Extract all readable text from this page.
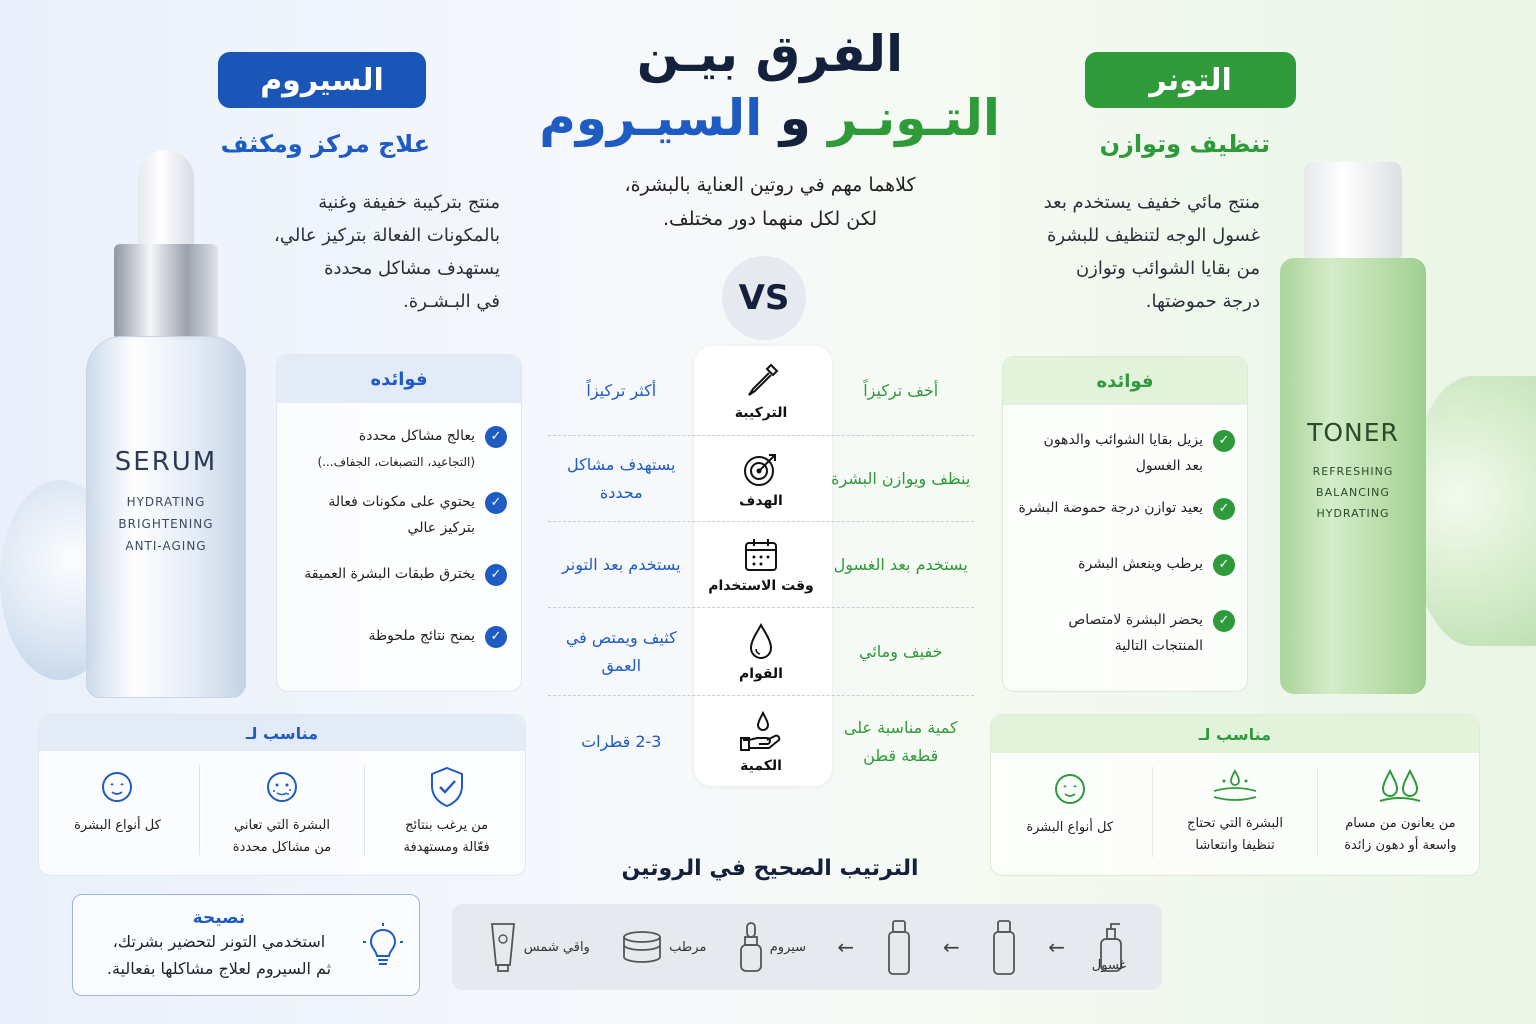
الفرق بيـن
التـونـر و السيـروم
كلاهما مهم في روتين العناية بالبشرة،
لكن لكل منهما دور مختلف.
VS
السيروم
علاج مركز ومكثف
منتج بتركيبة خفيفة وغنية
بالمكونات الفعالة بتركيز عالي،
يستهدف مشاكل محددة
في البـشـرة.
SERUM
HYDRATING
BRIGHTENING
ANTI-AGING
فوائده
✓
يعالج مشاكل محددة
(التجاعيد، التصبغات، الجفاف...)
✓
يحتوي على مكونات فعالة
بتركيز عالي
✓
يخترق طبقات البشرة العميقة
✓
يمنح نتائج ملحوظة
مناسب لـ
من يرغب بنتائج
فعّالة ومستهدفة
البشرة التي تعاني
من مشاكل محددة
كل أنواع البشرة
نصيحة
استخدمي التونر لتحضير بشرتك،
ثم السيروم لعلاج مشاكلها بفعالية.
التونر
تنظيف وتوازن
منتج مائي خفيف يستخدم بعد
غسول الوجه لتنظيف للبشرة
من بقايا الشوائب وتوازن
درجة حموضتها.
TONER
REFRESHING
BALANCING
HYDRATING
فوائده
✓
يزيل بقايا الشوائب والدهون
بعد الغسول
✓
يعيد توازن درجة حموضة البشرة
✓
يرطب وينعش البشرة
✓
يحضر البشرة لامتصاص
المنتجات التالية
مناسب لـ
من يعانون من مسام
واسعة أو دهون زائدة
البشرة التي تحتاج
تنظيفا وانتعاشا
كل أنواع البشرة
أخف تركيزاً
التركيبة
أكثر تركيزاً
ينظف ويوازن البشرة
الهدف
يستهدف مشاكل محددة
يستخدم بعد الغسول
وقت الاستخدام
يستخدم بعد التونر
خفيف ومائي
القوام
كثيف ويمتص في العمق
كمية مناسبة على قطعة قطن
الكمية
2-3 قطرات
الترتيب الصحيح في الروتين
غسول
←
←
←
سيروم
مرطب
واقي شمس
